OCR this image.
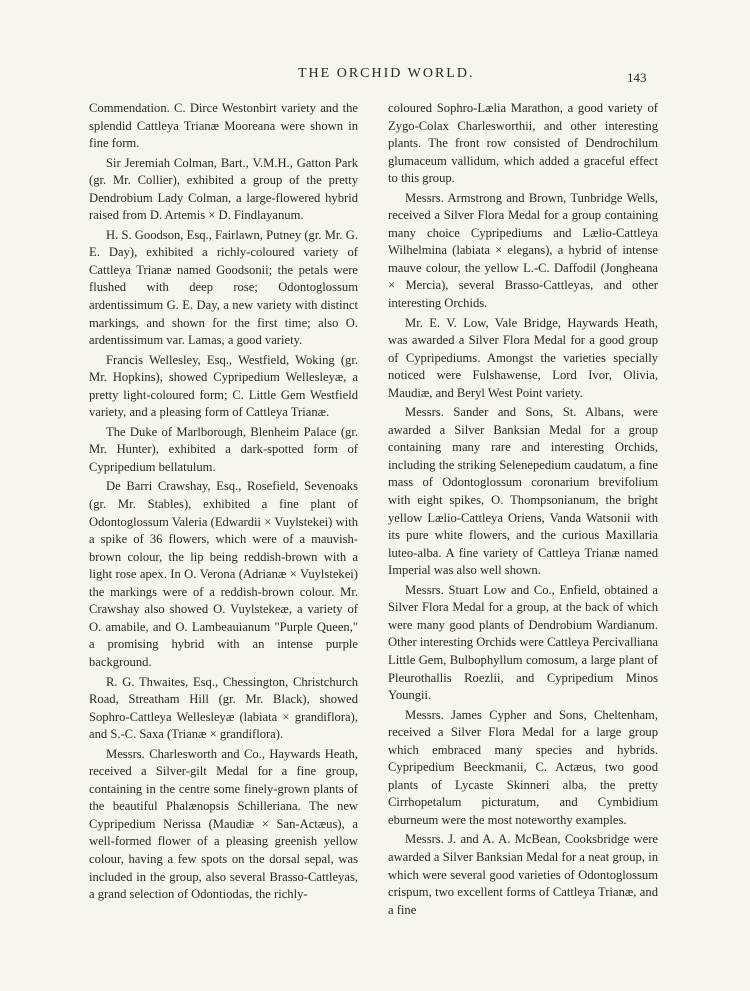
THE ORCHID WORLD.	143

Commendation. C. Dirce Westonbirt variety and the splendid Cattleya Trianæ Mooreana were shown in fine form.

Sir Jeremiah Colman, Bart., V.M.H., Gatton Park (gr. Mr. Collier), exhibited a group of the pretty Dendrobium Lady Colman, a large-flowered hybrid raised from D. Artemis × D. Findlayanum.

H. S. Goodson, Esq., Fairlawn, Putney (gr. Mr. G. E. Day), exhibited a richly-coloured variety of Cattleya Trianæ named Goodsonii; the petals were flushed with deep rose; Odontoglossum ardentissimum G. E. Day, a new variety with distinct markings, and shown for the first time; also O. ardentissimum var. Lamas, a good variety.

Francis Wellesley, Esq., Westfield, Woking (gr. Mr. Hopkins), showed Cypripedium Wellesleyæ, a pretty light-coloured form; C. Little Gem Westfield variety, and a pleasing form of Cattleya Trianæ.

The Duke of Marlborough, Blenheim Palace (gr. Mr. Hunter), exhibited a dark-spotted form of Cypripedium bellatulum.

De Barri Crawshay, Esq., Rosefield, Sevenoaks (gr. Mr. Stables), exhibited a fine plant of Odontoglossum Valeria (Edwardii × Vuylstekei) with a spike of 36 flowers, which were of a mauvish-brown colour, the lip being reddish-brown with a light rose apex. In O. Verona (Adrianæ × Vuylstekei) the markings were of a reddish-brown colour. Mr. Crawshay also showed O. Vuylstekeæ, a variety of O. amabile, and O. Lambeauianum "Purple Queen," a promising hybrid with an intense purple background.

R. G. Thwaites, Esq., Chessington, Christchurch Road, Streatham Hill (gr. Mr. Black), showed Sophro-Cattleya Wellesleyæ (labiata × grandiflora), and S.-C. Saxa (Trianæ × grandiflora).

Messrs. Charlesworth and Co., Haywards Heath, received a Silver-gilt Medal for a fine group, containing in the centre some finely-grown plants of the beautiful Phalænopsis Schilleriana. The new Cypripedium Nerissa (Maudiæ × San-Actæus), a well-formed flower of a pleasing greenish yellow colour, having a few spots on the dorsal sepal, was included in the group, also several Brasso-Cattleyas, a grand selection of Odontiodas, the richly-

coloured Sophro-Lælia Marathon, a good variety of Zygo-Colax Charlesworthii, and other interesting plants. The front row consisted of Dendrochilum glumaceum vallidum, which added a graceful effect to this group.

Messrs. Armstrong and Brown, Tunbridge Wells, received a Silver Flora Medal for a group containing many choice Cypripediums and Lælio-Cattleya Wilhelmina (labiata × elegans), a hybrid of intense mauve colour, the yellow L.-C. Daffodil (Jongheana × Mercia), several Brasso-Cattleyas, and other interesting Orchids.

Mr. E. V. Low, Vale Bridge, Haywards Heath, was awarded a Silver Flora Medal for a good group of Cypripediums. Amongst the varieties specially noticed were Fulshawense, Lord Ivor, Olivia, Maudiæ, and Beryl West Point variety.

Messrs. Sander and Sons, St. Albans, were awarded a Silver Banksian Medal for a group containing many rare and interesting Orchids, including the striking Selenepedium caudatum, a fine mass of Odontoglossum coronarium brevifolium with eight spikes, O. Thompsonianum, the bright yellow Lælio-Cattleya Oriens, Vanda Watsonii with its pure white flowers, and the curious Maxillaria luteo-alba. A fine variety of Cattleya Trianæ named Imperial was also well shown.

Messrs. Stuart Low and Co., Enfield, obtained a Silver Flora Medal for a group, at the back of which were many good plants of Dendrobium Wardianum. Other interesting Orchids were Cattleya Percivalliana Little Gem, Bulbophyllum comosum, a large plant of Pleurothallis Roezlii, and Cypripedium Minos Youngii.

Messrs. James Cypher and Sons, Cheltenham, received a Silver Flora Medal for a large group which embraced many species and hybrids. Cypripedium Beeckmanii, C. Actæus, two good plants of Lycaste Skinneri alba, the pretty Cirrhopetalum picturatum, and Cymbidium eburneum were the most noteworthy examples.

Messrs. J. and A. A. McBean, Cooksbridge were awarded a Silver Banksian Medal for a neat group, in which were several good varieties of Odontoglossum crispum, two excellent forms of Cattleya Trianæ, and a fine
